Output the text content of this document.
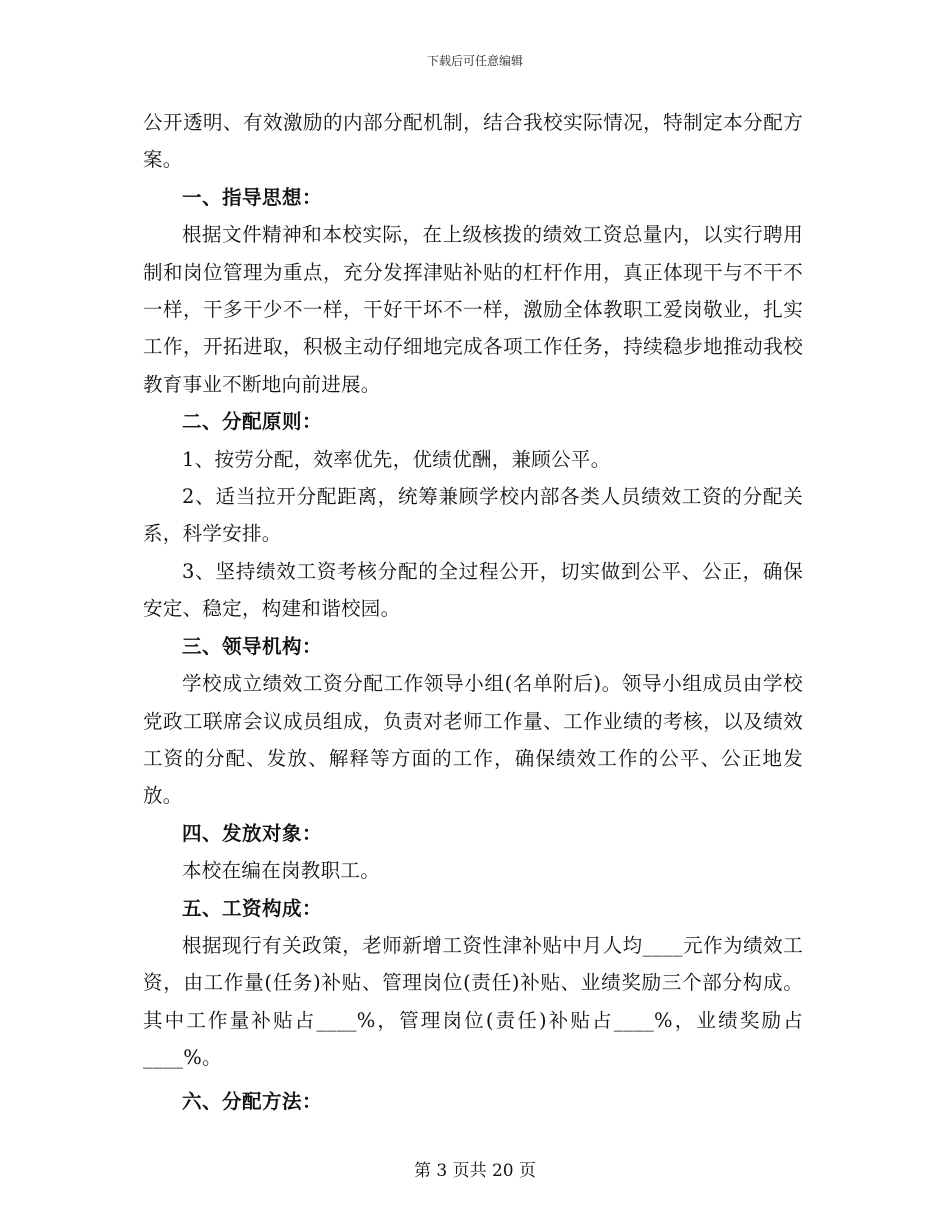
下载后可任意编辑

公开透明、有效激励的内部分配机制，结合我校实际情况，特制定本分配方案。

一、指导思想：

根据文件精神和本校实际，在上级核拨的绩效工资总量内，以实行聘用制和岗位管理为重点，充分发挥津贴补贴的杠杆作用，真正体现干与不干不一样，干多干少不一样，干好干坏不一样，激励全体教职工爱岗敬业，扎实工作，开拓进取，积极主动仔细地完成各项工作任务，持续稳步地推动我校教育事业不断地向前进展。

二、分配原则：

1、按劳分配，效率优先，优绩优酬，兼顾公平。

2、适当拉开分配距离，统筹兼顾学校内部各类人员绩效工资的分配关系，科学安排。

3、坚持绩效工资考核分配的全过程公开，切实做到公平、公正，确保安定、稳定，构建和谐校园。

三、领导机构：

学校成立绩效工资分配工作领导小组(名单附后)。领导小组成员由学校党政工联席会议成员组成，负责对老师工作量、工作业绩的考核，以及绩效工资的分配、发放、解释等方面的工作，确保绩效工作的公平、公正地发放。

四、发放对象：

本校在编在岗教职工。

五、工资构成：

根据现行有关政策，老师新增工资性津补贴中月人均____元作为绩效工资，由工作量(任务)补贴、管理岗位(责任)补贴、业绩奖励三个部分构成。其中工作量补贴占____%，管理岗位(责任)补贴占____%，业绩奖励占____%。

六、分配方法：

第 3 页共 20 页
